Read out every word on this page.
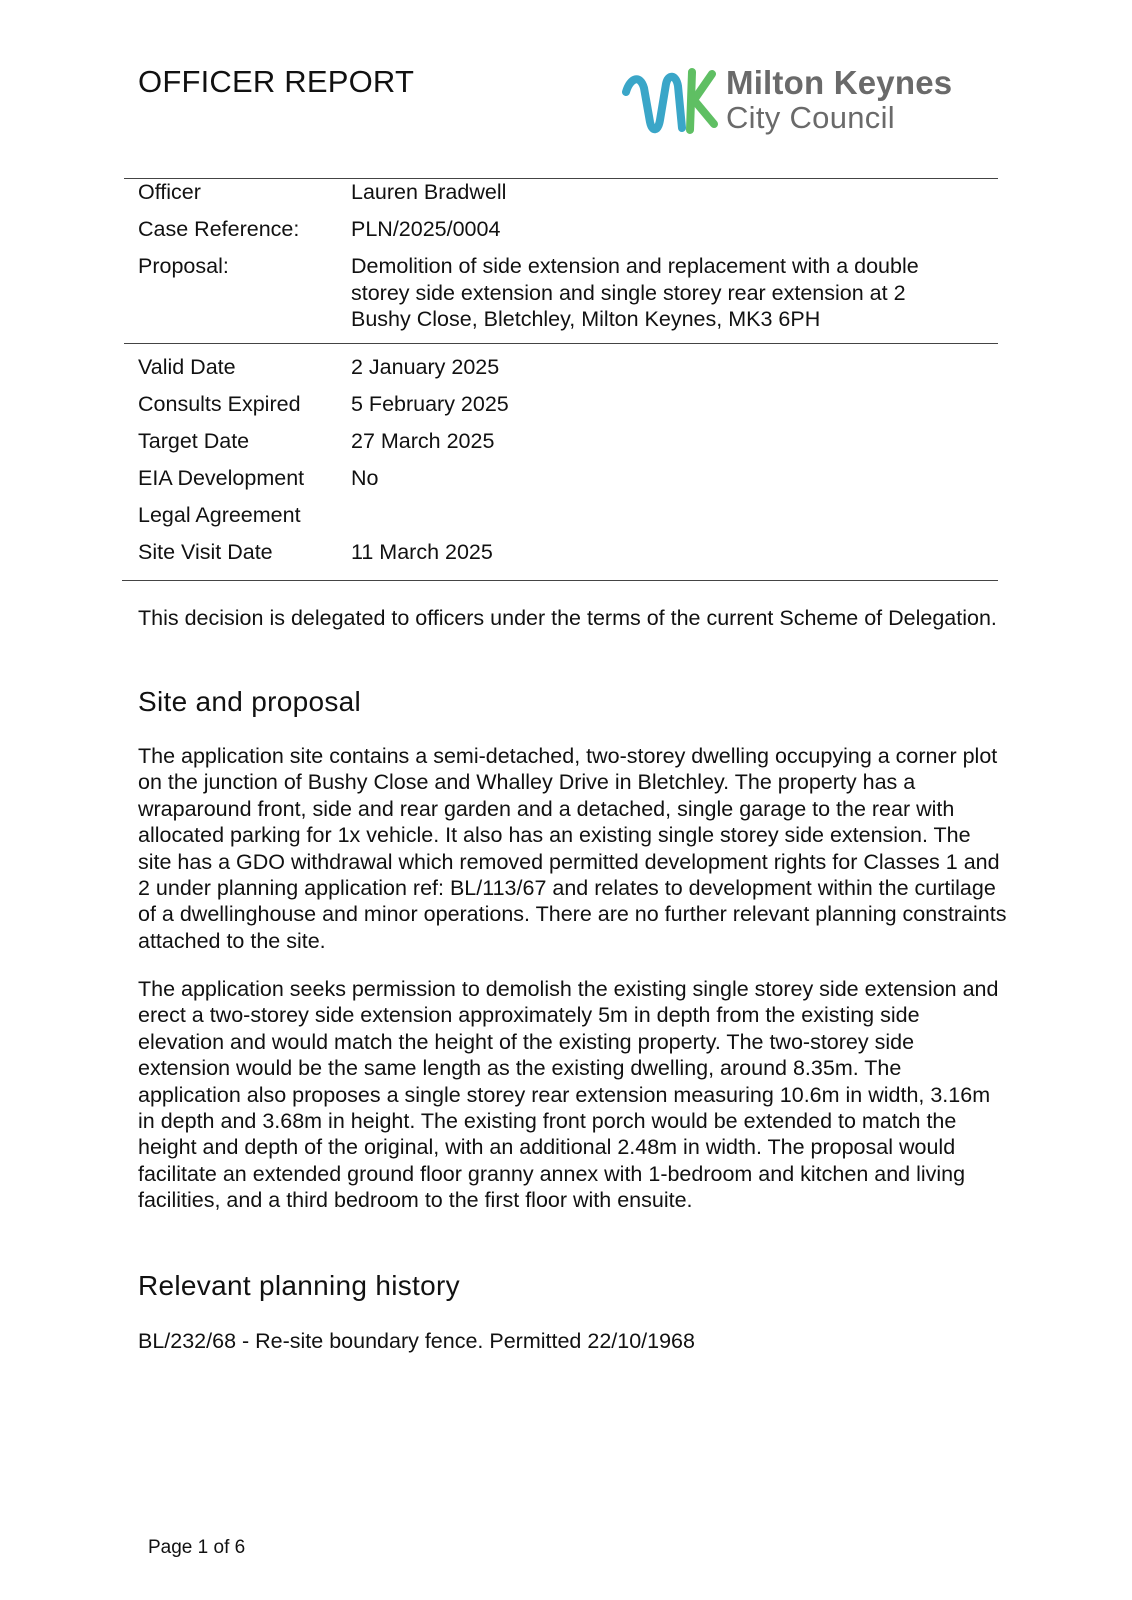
OFFICER REPORT	Milton Keynes
City Council
Officer	Lauren Bradwell
Case Reference: PLN/2025/0004
Proposal:	Demolition of side extension and replacement with a double storey side extension and single storey rear extension at 2 Bushy Close, Bletchley, Milton Keynes, MK3 6PH
Valid Date	2 January 2025
Consults Expired 5 February 2025
Target Date	27 March 2025
EIA Development No
Legal Agreement
Site Visit Date	11 March 2025
This decision is delegated to officers under the terms of the current Scheme of Delegation.
Site and proposal
The application site contains a semi-detached, two-storey dwelling occupying a corner plot on the junction of Bushy Close and Whalley Drive in Bletchley. The property has a wraparound front, side and rear garden and a detached, single garage to the rear with allocated parking for 1x vehicle. It also has an existing single storey side extension. The site has a GDO withdrawal which removed permitted development rights for Classes 1 and 2 under planning application ref: BL/113/67 and relates to development within the curtilage of a dwellinghouse and minor operations. There are no further relevant planning constraints attached to the site.
The application seeks permission to demolish the existing single storey side extension and erect a two-storey side extension approximately 5m in depth from the existing side elevation and would match the height of the existing property. The two-storey side extension would be the same length as the existing dwelling, around 8.35m. The application also proposes a single storey rear extension measuring 10.6m in width, 3.16m in depth and 3.68m in height. The existing front porch would be extended to match the height and depth of the original, with an additional 2.48m in width. The proposal would facilitate an extended ground floor granny annex with 1-bedroom and kitchen and living facilities, and a third bedroom to the first floor with ensuite.
Relevant planning history
BL/232/68 - Re-site boundary fence. Permitted 22/10/1968
Page 1 of 6
